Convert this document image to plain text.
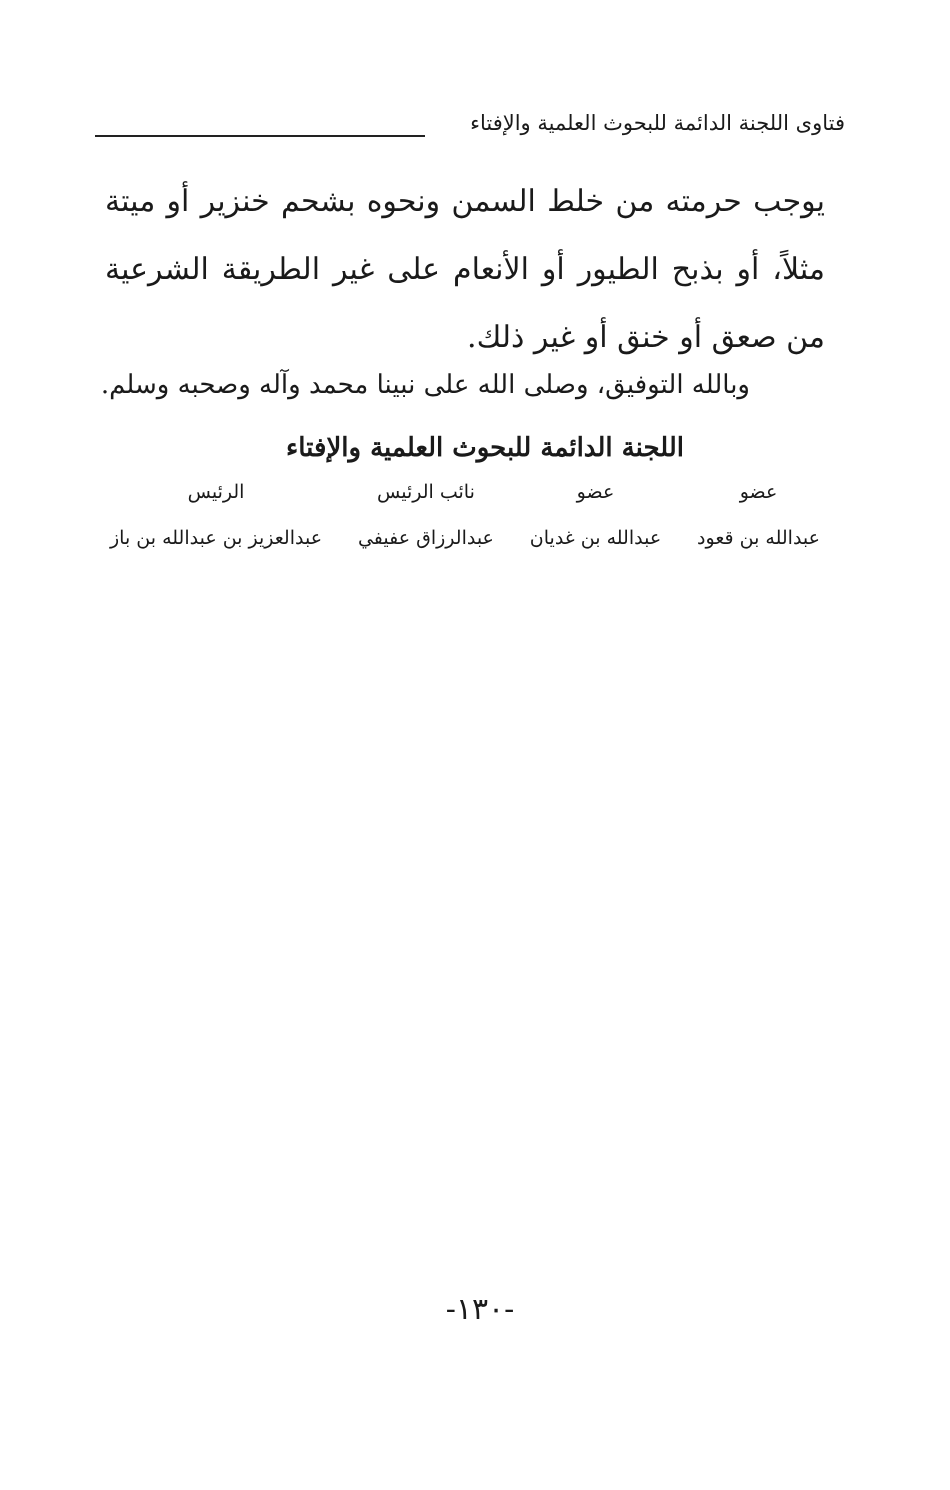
فتاوى اللجنة الدائمة للبحوث العلمية والإفتاء

يوجب حرمته من خلط السمن ونحوه بشحم خنزير أو ميتة مثلاً، أو بذبح الطيور أو الأنعام على غير الطريقة الشرعية من صعق أو خنق أو غير ذلك.

وبالله التوفيق، وصلى الله على نبينا محمد وآله وصحبه وسلم.
اللجنة الدائمة للبحوث العلمية والإفتاء
عضو
عبدالله بن قعود
عضو
عبدالله بن غديان
نائب الرئيس
عبدالرزاق عفيفي
الرئيس
عبدالعزيز بن عبدالله بن باز
-١٣٠-
